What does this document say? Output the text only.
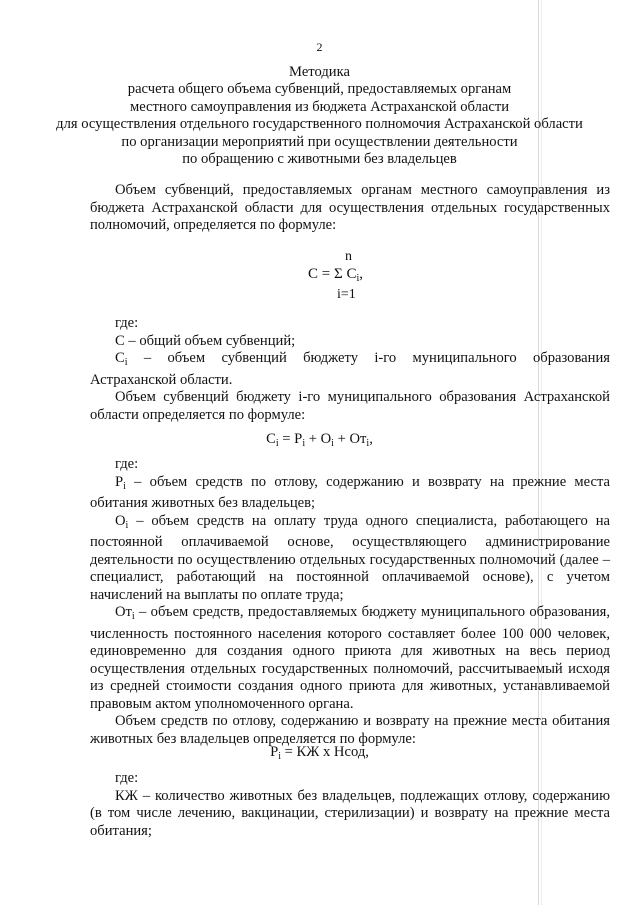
2
Методика
расчета общего объема субвенций, предоставляемых органам
местного самоуправления из бюджета Астраханской области
для осуществления отдельного государственного полномочия Астраханской области
по организации мероприятий при осуществлении деятельности
по обращению с животными без владельцев

Объем субвенций, предоставляемых органам местного самоуправления из бюджета Астраханской области для осуществления отдельных государственных полномочий, определяется по формуле:

n
C = Σ $C_i$,
i=1

где:

С – общий объем субвенций;

$С_i$ – объем субвенций бюджету i-го муниципального образования Астраханской области.

Объем субвенций бюджету i-го муниципального образования Астраханской области определяется по формуле:

$C_i = P_i + O_i + Oт_i$,

где:

$Р_i$ – объем средств по отлову, содержанию и возврату на прежние места обитания животных без владельцев;

$О_i$ – объем средств на оплату труда одного специалиста, работающего на постоянной оплачиваемой основе, осуществляющего администрирование деятельности по осуществлению отдельных государственных полномочий (далее – специалист, работающий на постоянной оплачиваемой основе), с учетом начислений на выплаты по оплате труда;

$От_i$ – объем средств, предоставляемых бюджету муниципального образования, численность постоянного населения которого составляет более 100 000 человек, единовременно для создания одного приюта для животных на весь период осуществления отдельных государственных полномочий, рассчитываемый исходя из средней стоимости создания одного приюта для животных, устанавливаемой правовым актом уполномоченного органа.

Объем средств по отлову, содержанию и возврату на прежние места обитания животных без владельцев определяется по формуле:

$P_i$ = КЖ х Нсод,

где:

КЖ – количество животных без владельцев, подлежащих отлову, содержанию (в том числе лечению, вакцинации, стерилизации) и возврату на прежние места обитания;
